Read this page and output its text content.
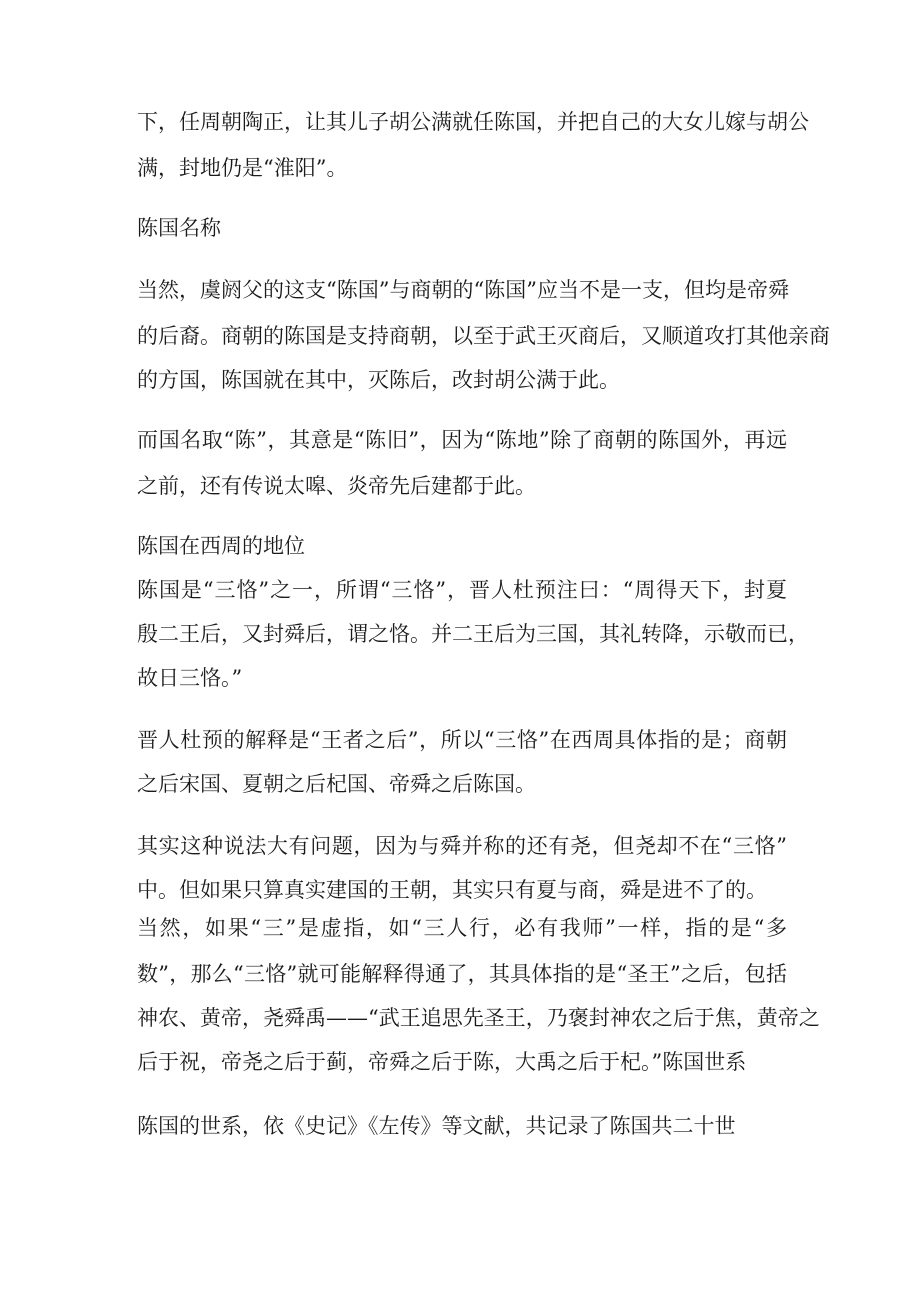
下，任周朝陶正，让其儿子胡公满就任陈国，并把自己的大女儿嫁与胡公
满，封地仍是“淮阳”。
陈国名称
当然，虞阏父的这支“陈国”与商朝的“陈国”应当不是一支，但均是帝舜
的后裔。商朝的陈国是支持商朝，以至于武王灭商后，又顺道攻打其他亲商
的方国，陈国就在其中，灭陈后，改封胡公满于此。
而国名取“陈”，其意是“陈旧”，因为“陈地”除了商朝的陈国外，再远
之前，还有传说太嗥、炎帝先后建都于此。
陈国在西周的地位
陈国是“三恪”之一，所谓“三恪”，晋人杜预注曰：“周得天下，封夏
殷二王后，又封舜后，谓之恪。并二王后为三国，其礼转降，示敬而已，
故日三恪。”
晋人杜预的解释是“王者之后”，所以“三恪”在西周具体指的是；商朝
之后宋国、夏朝之后杞国、帝舜之后陈国。
其实这种说法大有问题，因为与舜并称的还有尧，但尧却不在“三恪”
中。但如果只算真实建国的王朝，其实只有夏与商，舜是进不了的。
当然，如果“三”是虚指，如“三人行，必有我师”一样，指的是“多
数”，那么“三恪”就可能解释得通了，其具体指的是“圣王”之后，包括
神农、黄帝，尧舜禹——“武王追思先圣王，乃褒封神农之后于焦，黄帝之
后于祝，帝尧之后于蓟，帝舜之后于陈，大禹之后于杞。”陈国世系
陈国的世系，依《史记》《左传》等文献，共记录了陈国共二十世
